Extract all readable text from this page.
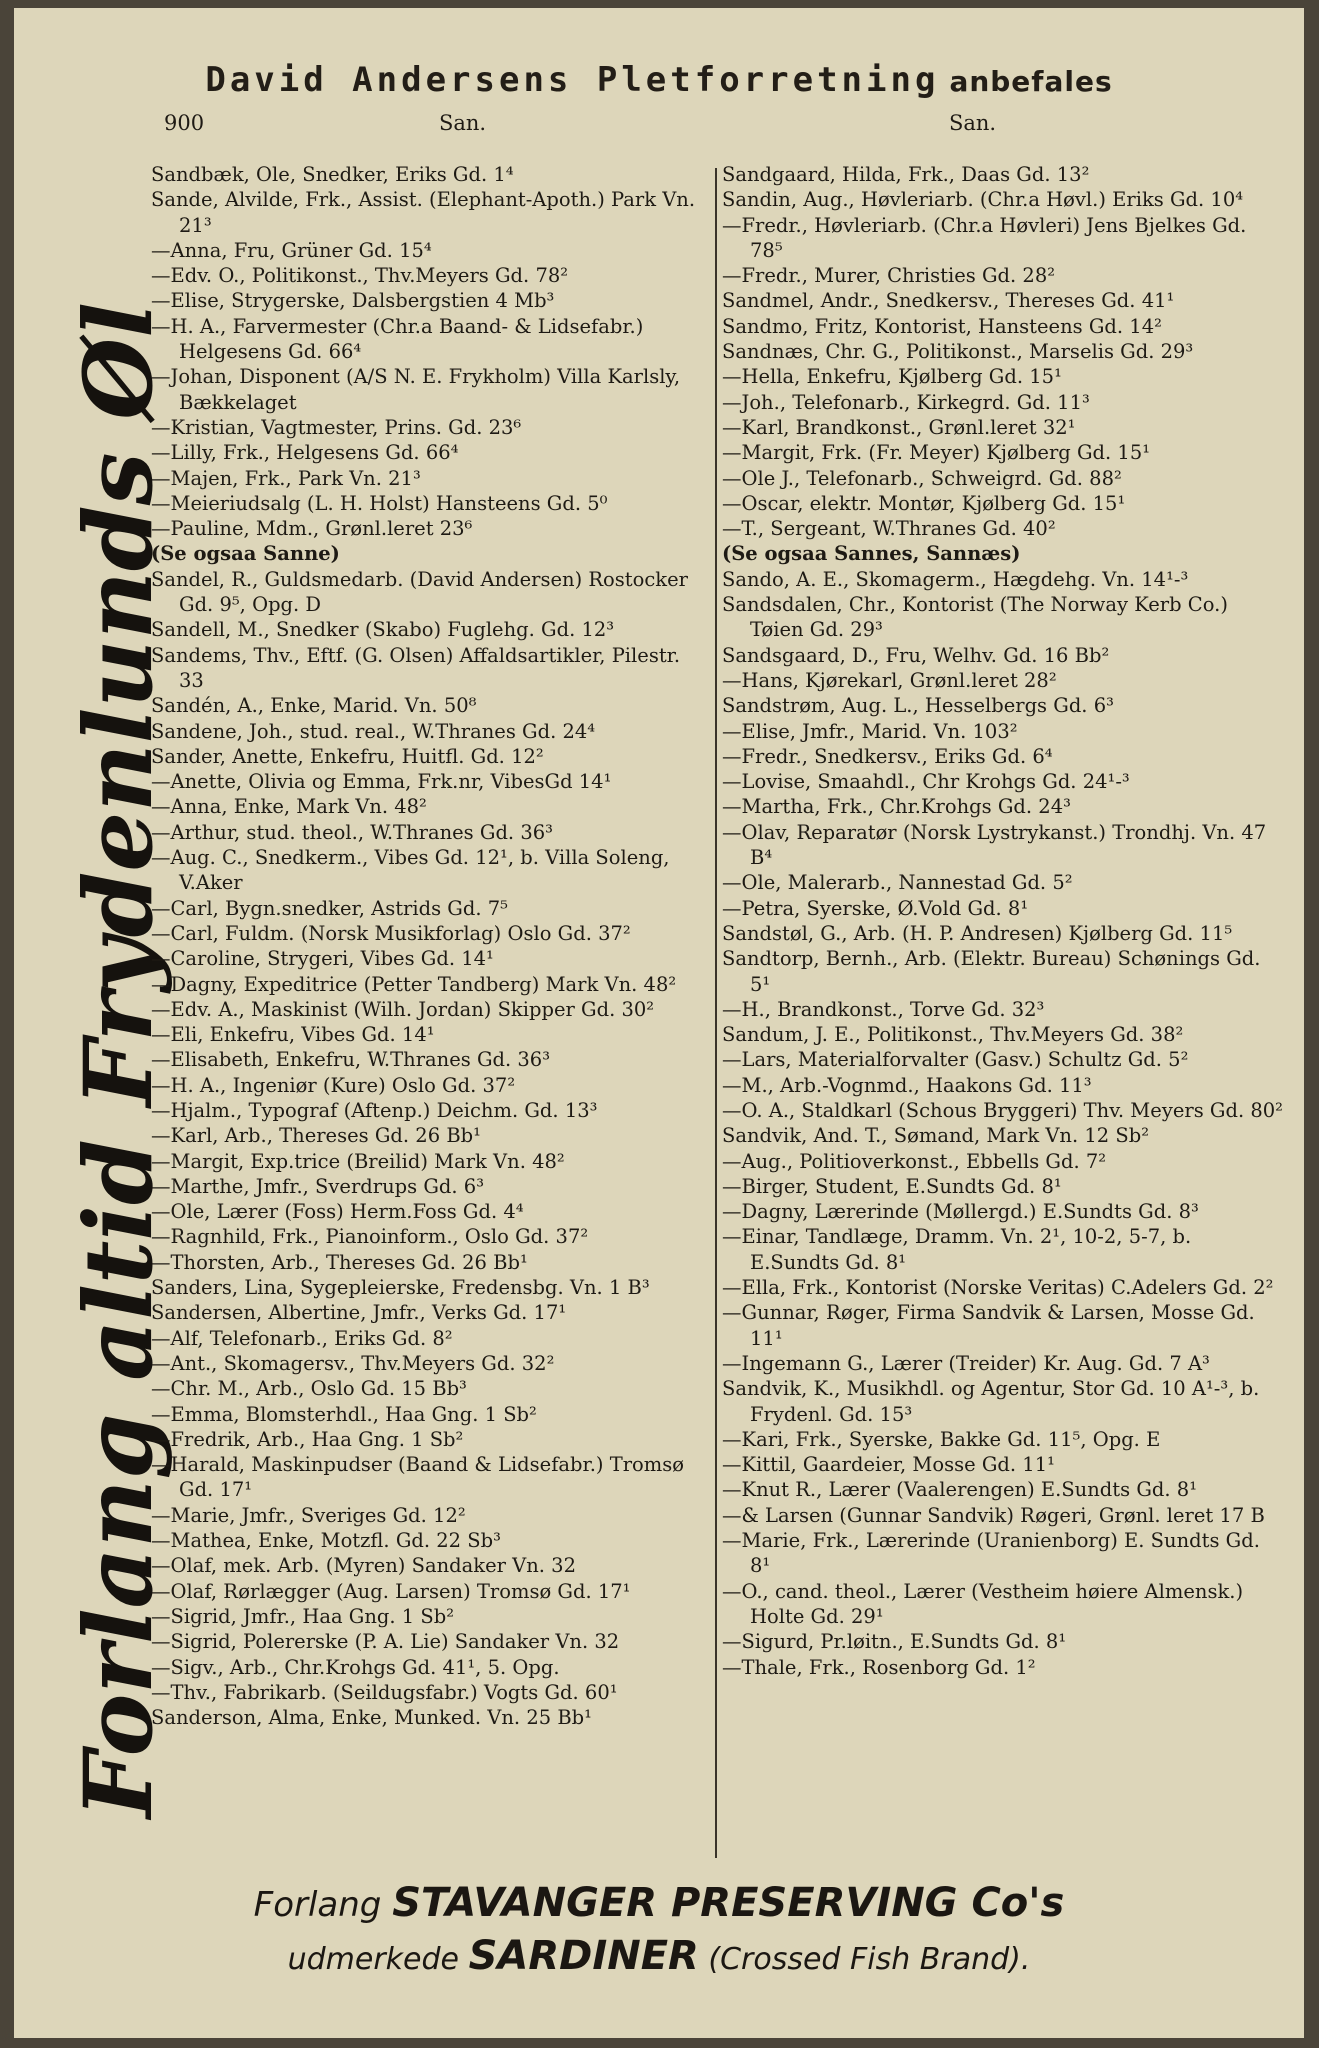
David Andersens Pletforretning anbefales
900	San.	San.
Forlang altid Frydenlunds Øl

Sandbæk, Ole, Snedker, Eriks Gd. 1⁴

Sande, Alvilde, Frk., Assist. (Elephant-Apoth.) Park Vn. 21³

—Anna, Fru, Grüner Gd. 15⁴

—Edv. O., Politikonst., Thv.Meyers Gd. 78²

—Elise, Strygerske, Dalsbergstien 4 Mb³

—H. A., Farvermester (Chr.a Baand- & Lidsefabr.) Helgesens Gd. 66⁴

—Johan, Disponent (A/S N. E. Frykholm) Villa Karlsly, Bækkelaget

—Kristian, Vagtmester, Prins. Gd. 23⁶

—Lilly, Frk., Helgesens Gd. 66⁴

—Majen, Frk., Park Vn. 21³

—Meieriudsalg (L. H. Holst) Hansteens Gd. 5⁰

—Pauline, Mdm., Grønl.leret 23⁶

(Se ogsaa Sanne)

Sandel, R., Guldsmedarb. (David Andersen) Rostocker Gd. 9⁵, Opg. D

Sandell, M., Snedker (Skabo) Fuglehg. Gd. 12³

Sandems, Thv., Eftf. (G. Olsen) Affaldsartikler, Pilestr. 33

Sandén, A., Enke, Marid. Vn. 50⁸

Sandene, Joh., stud. real., W.Thranes Gd. 24⁴

Sander, Anette, Enkefru, Huitfl. Gd. 12²

—Anette, Olivia og Emma, Frk.nr, VibesGd 14¹

—Anna, Enke, Mark Vn. 48²

—Arthur, stud. theol., W.Thranes Gd. 36³

—Aug. C., Snedkerm., Vibes Gd. 12¹, b. Villa Soleng, V.Aker

—Carl, Bygn.snedker, Astrids Gd. 7⁵

—Carl, Fuldm. (Norsk Musikforlag) Oslo Gd. 37²

—Caroline, Strygeri, Vibes Gd. 14¹

—Dagny, Expeditrice (Petter Tandberg) Mark Vn. 48²

—Edv. A., Maskinist (Wilh. Jordan) Skipper Gd. 30²

—Eli, Enkefru, Vibes Gd. 14¹

—Elisabeth, Enkefru, W.Thranes Gd. 36³

—H. A., Ingeniør (Kure) Oslo Gd. 37²

—Hjalm., Typograf (Aftenp.) Deichm. Gd. 13³

—Karl, Arb., Thereses Gd. 26 Bb¹

—Margit, Exp.trice (Breilid) Mark Vn. 48²

—Marthe, Jmfr., Sverdrups Gd. 6³

—Ole, Lærer (Foss) Herm.Foss Gd. 4⁴

—Ragnhild, Frk., Pianoinform., Oslo Gd. 37²

—Thorsten, Arb., Thereses Gd. 26 Bb¹

Sanders, Lina, Sygepleierske, Fredensbg. Vn. 1 B³

Sandersen, Albertine, Jmfr., Verks Gd. 17¹

—Alf, Telefonarb., Eriks Gd. 8²

—Ant., Skomagersv., Thv.Meyers Gd. 32²

—Chr. M., Arb., Oslo Gd. 15 Bb³

—Emma, Blomsterhdl., Haa Gng. 1 Sb²

—Fredrik, Arb., Haa Gng. 1 Sb²

—Harald, Maskinpudser (Baand & Lidsefabr.) Tromsø Gd. 17¹

—Marie, Jmfr., Sveriges Gd. 12²

—Mathea, Enke, Motzfl. Gd. 22 Sb³

—Olaf, mek. Arb. (Myren) Sandaker Vn. 32

—Olaf, Rørlægger (Aug. Larsen) Tromsø Gd. 17¹

—Sigrid, Jmfr., Haa Gng. 1 Sb²

—Sigrid, Polererske (P. A. Lie) Sandaker Vn. 32

—Sigv., Arb., Chr.Krohgs Gd. 41¹, 5. Opg.

—Thv., Fabrikarb. (Seildugsfabr.) Vogts Gd. 60¹

Sanderson, Alma, Enke, Munked. Vn. 25 Bb¹

Sandgaard, Hilda, Frk., Daas Gd. 13²

Sandin, Aug., Høvleriarb. (Chr.a Høvl.) Eriks Gd. 10⁴

—Fredr., Høvleriarb. (Chr.a Høvleri) Jens Bjelkes Gd. 78⁵

—Fredr., Murer, Christies Gd. 28²

Sandmel, Andr., Snedkersv., Thereses Gd. 41¹

Sandmo, Fritz, Kontorist, Hansteens Gd. 14²

Sandnæs, Chr. G., Politikonst., Marselis Gd. 29³

—Hella, Enkefru, Kjølberg Gd. 15¹

—Joh., Telefonarb., Kirkegrd. Gd. 11³

—Karl, Brandkonst., Grønl.leret 32¹

—Margit, Frk. (Fr. Meyer) Kjølberg Gd. 15¹

—Ole J., Telefonarb., Schweigrd. Gd. 88²

—Oscar, elektr. Montør, Kjølberg Gd. 15¹

—T., Sergeant, W.Thranes Gd. 40²

(Se ogsaa Sannes, Sannæs)

Sando, A. E., Skomagerm., Hægdehg. Vn. 14¹-³

Sandsdalen, Chr., Kontorist (The Norway Kerb Co.) Tøien Gd. 29³

Sandsgaard, D., Fru, Welhv. Gd. 16 Bb²

—Hans, Kjørekarl, Grønl.leret 28²

Sandstrøm, Aug. L., Hesselbergs Gd. 6³

—Elise, Jmfr., Marid. Vn. 103²

—Fredr., Snedkersv., Eriks Gd. 6⁴

—Lovise, Smaahdl., Chr Krohgs Gd. 24¹-³

—Martha, Frk., Chr.Krohgs Gd. 24³

—Olav, Reparatør (Norsk Lystrykanst.) Trondhj. Vn. 47 B⁴

—Ole, Malerarb., Nannestad Gd. 5²

—Petra, Syerske, Ø.Vold Gd. 8¹

Sandstøl, G., Arb. (H. P. Andresen) Kjølberg Gd. 11⁵

Sandtorp, Bernh., Arb. (Elektr. Bureau) Schønings Gd. 5¹

—H., Brandkonst., Torve Gd. 32³

Sandum, J. E., Politikonst., Thv.Meyers Gd. 38²

—Lars, Materialforvalter (Gasv.) Schultz Gd. 5²

—M., Arb.-Vognmd., Haakons Gd. 11³

—O. A., Staldkarl (Schous Bryggeri) Thv. Meyers Gd. 80²

Sandvik, And. T., Sømand, Mark Vn. 12 Sb²

—Aug., Politioverkonst., Ebbells Gd. 7²

—Birger, Student, E.Sundts Gd. 8¹

—Dagny, Lærerinde (Møllergd.) E.Sundts Gd. 8³

—Einar, Tandlæge, Dramm. Vn. 2¹, 10-2, 5-7, b. E.Sundts Gd. 8¹

—Ella, Frk., Kontorist (Norske Veritas) C.Adelers Gd. 2²

—Gunnar, Røger, Firma Sandvik & Larsen, Mosse Gd. 11¹

—Ingemann G., Lærer (Treider) Kr. Aug. Gd. 7 A³

Sandvik, K., Musikhdl. og Agentur, Stor Gd. 10 A¹-³, b. Frydenl. Gd. 15³

—Kari, Frk., Syerske, Bakke Gd. 11⁵, Opg. E

—Kittil, Gaardeier, Mosse Gd. 11¹

—Knut R., Lærer (Vaalerengen) E.Sundts Gd. 8¹

—& Larsen (Gunnar Sandvik) Røgeri, Grønl. leret 17 B

—Marie, Frk., Lærerinde (Uranienborg) E. Sundts Gd. 8¹

—O., cand. theol., Lærer (Vestheim høiere Almensk.) Holte Gd. 29¹

—Sigurd, Pr.løitn., E.Sundts Gd. 8¹

—Thale, Frk., Rosenborg Gd. 1²

Forlang STAVANGER PRESERVING Co's
udmerkede SARDINER (Crossed Fish Brand).
